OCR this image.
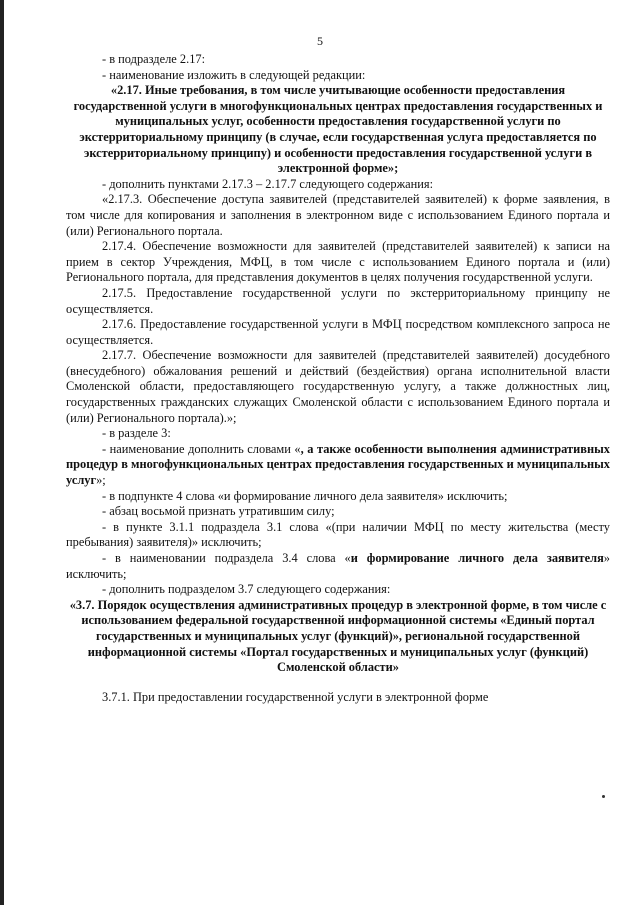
5

- в подразделе 2.17:

- наименование изложить в следующей редакции:

«2.17. Иные требования, в том числе учитывающие особенности предоставления государственной услуги в многофункциональных центрах предоставления государственных и муниципальных услуг, особенности предоставления государственной услуги по экстерриториальному принципу (в случае, если государственная услуга предоставляется по экстерриториальному принципу) и особенности предоставления государственной услуги в электронной форме»;

- дополнить пунктами 2.17.3 – 2.17.7 следующего содержания:

«2.17.3. Обеспечение доступа заявителей (представителей заявителей) к форме заявления, в том числе для копирования и заполнения в электронном виде с использованием Единого портала и (или) Регионального портала.

2.17.4. Обеспечение возможности для заявителей (представителей заявителей) к записи на прием в сектор Учреждения, МФЦ, в том числе с использованием Единого портала и (или) Регионального портала, для представления документов в целях получения государственной услуги.

2.17.5. Предоставление государственной услуги по экстерриториальному принципу не осуществляется.

2.17.6. Предоставление государственной услуги в МФЦ посредством комплексного запроса не осуществляется.

2.17.7. Обеспечение возможности для заявителей (представителей заявителей) досудебного (внесудебного) обжалования решений и действий (бездействия) органа исполнительной власти Смоленской области, предоставляющего государственную услугу, а также должностных лиц, государственных гражданских служащих Смоленской области с использованием Единого портала и (или) Регионального портала).»;

- в разделе 3:

- наименование дополнить словами «, а также особенности выполнения административных процедур в многофункциональных центрах предоставления государственных и муниципальных услуг»;

- в подпункте 4 слова «и формирование личного дела заявителя» исключить;

- абзац восьмой признать утратившим силу;

- в пункте 3.1.1 подраздела 3.1 слова «(при наличии МФЦ по месту жительства (месту пребывания) заявителя)» исключить;

- в наименовании подраздела 3.4 слова «и формирование личного дела заявителя» исключить;

- дополнить подразделом 3.7 следующего содержания:

«3.7. Порядок осуществления административных процедур в электронной форме, в том числе с использованием федеральной государственной информационной системы «Единый портал государственных и муниципальных услуг (функций)», региональной государственной информационной системы «Портал государственных и муниципальных услуг (функций) Смоленской области»

3.7.1. При предоставлении государственной услуги в электронной форме
